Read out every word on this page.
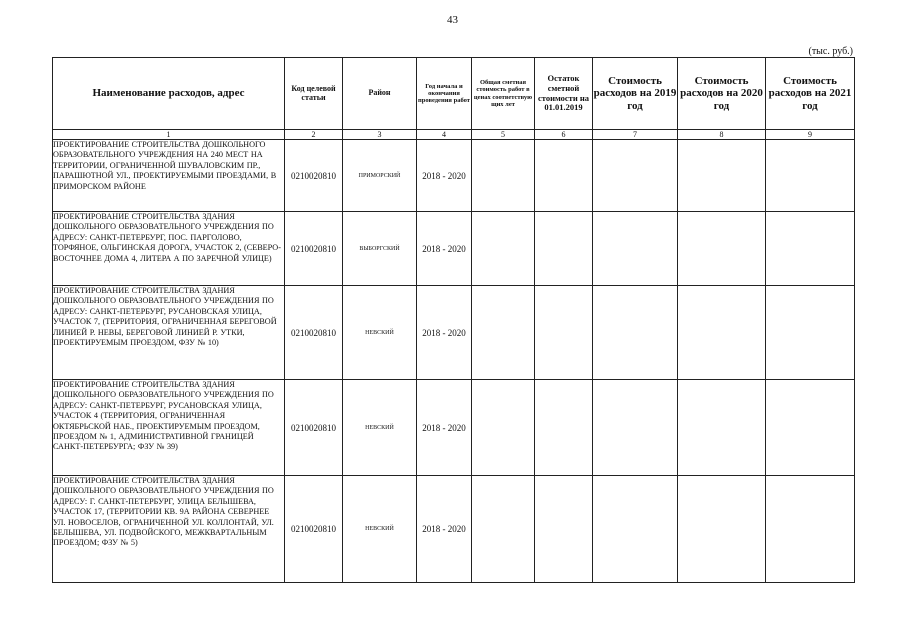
43
(тыс. руб.)
Наименование расходов, адрес	Код целевой статьи	Район	Год начала и окончания проведения работ	Общая сметная стоимость работ в ценах соответствую щих лет	Остаток сметной стоимости на 01.01.2019	Стоимость расходов на 2019 год	Стоимость расходов на 2020 год	Стоимость расходов на 2021 год
1	2	3	4	5	6	7	8	9
ПРОЕКТИРОВАНИЕ СТРОИТЕЛЬСТВА ДОШКОЛЬНОГО ОБРАЗОВАТЕЛЬНОГО УЧРЕЖДЕНИЯ НА 240 МЕСТ НА ТЕРРИТОРИИ, ОГРАНИЧЕННОЙ ШУВАЛОВСКИМ ПР., ПАРАШЮТНОЙ УЛ., ПРОЕКТИРУЕМЫМИ ПРОЕЗДАМИ, В ПРИМОРСКОМ РАЙОНЕ	0210020810	ПРИМОРСКИЙ	2018 - 2020					
ПРОЕКТИРОВАНИЕ СТРОИТЕЛЬСТВА ЗДАНИЯ ДОШКОЛЬНОГО ОБРАЗОВАТЕЛЬНОГО УЧРЕЖДЕНИЯ ПО АДРЕСУ: САНКТ-ПЕТЕРБУРГ, ПОС. ПАРГОЛОВО, ТОРФЯНОЕ, ОЛЬГИНСКАЯ ДОРОГА, УЧАСТОК 2, (СЕВЕРО-ВОСТОЧНЕЕ ДОМА 4, ЛИТЕРА А ПО ЗАРЕЧНОЙ УЛИЦЕ)	0210020810	ВЫБОРГСКИЙ	2018 - 2020					
ПРОЕКТИРОВАНИЕ СТРОИТЕЛЬСТВА ЗДАНИЯ ДОШКОЛЬНОГО ОБРАЗОВАТЕЛЬНОГО УЧРЕЖДЕНИЯ ПО АДРЕСУ: САНКТ-ПЕТЕРБУРГ, РУСАНОВСКАЯ УЛИЦА, УЧАСТОК 7, (ТЕРРИТОРИЯ, ОГРАНИЧЕННАЯ БЕРЕГОВОЙ ЛИНИЕЙ Р. НЕВЫ, БЕРЕГОВОЙ ЛИНИЕЙ Р. УТКИ, ПРОЕКТИРУЕМЫМ ПРОЕЗДОМ, ФЗУ № 10)	0210020810	НЕВСКИЙ	2018 - 2020					
ПРОЕКТИРОВАНИЕ СТРОИТЕЛЬСТВА ЗДАНИЯ ДОШКОЛЬНОГО ОБРАЗОВАТЕЛЬНОГО УЧРЕЖДЕНИЯ ПО АДРЕСУ: САНКТ-ПЕТЕРБУРГ, РУСАНОВСКАЯ УЛИЦА, УЧАСТОК 4 (ТЕРРИТОРИЯ, ОГРАНИЧЕННАЯ ОКТЯБРЬСКОЙ НАБ., ПРОЕКТИРУЕМЫМ ПРОЕЗДОМ, ПРОЕЗДОМ № 1, АДМИНИСТРАТИВНОЙ ГРАНИЦЕЙ САНКТ-ПЕТЕРБУРГА; ФЗУ № 39)	0210020810	НЕВСКИЙ	2018 - 2020					
ПРОЕКТИРОВАНИЕ СТРОИТЕЛЬСТВА ЗДАНИЯ ДОШКОЛЬНОГО ОБРАЗОВАТЕЛЬНОГО УЧРЕЖДЕНИЯ ПО АДРЕСУ: Г. САНКТ-ПЕТЕРБУРГ, УЛИЦА БЕЛЫШЕВА, УЧАСТОК 17, (ТЕРРИТОРИИ КВ. 9А РАЙОНА СЕВЕРНЕЕ УЛ. НОВОСЕЛОВ, ОГРАНИЧЕННОЙ УЛ. КОЛЛОНТАЙ, УЛ. БЕЛЫШЕВА, УЛ. ПОДВОЙСКОГО, МЕЖКВАРТАЛЬНЫМ ПРОЕЗДОМ; ФЗУ № 5)	0210020810	НЕВСКИЙ	2018 - 2020					
